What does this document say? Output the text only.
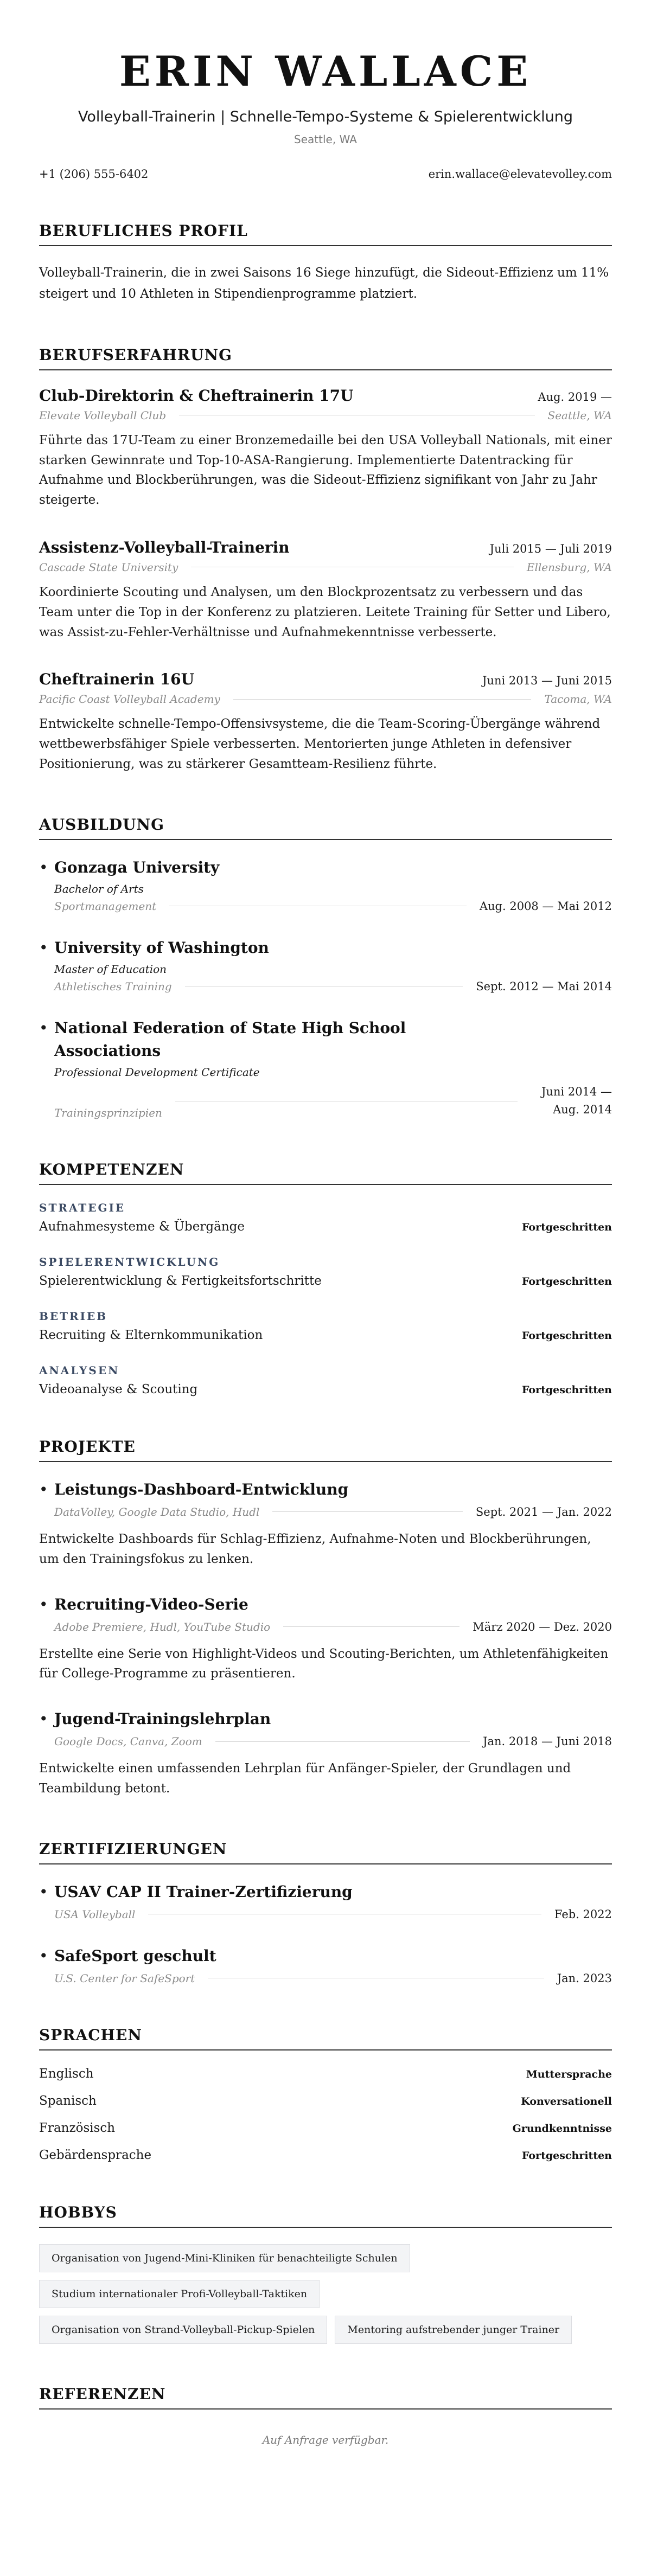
ERIN WALLACE
Volleyball-Trainerin | Schnelle-Tempo-Systeme & Spielerentwicklung
Seattle, WA
+1 (206) 555-6402	erin.wallace@elevatevolley.com
BERUFLICHES PROFIL

Volleyball-Trainerin, die in zwei Saisons 16 Siege hinzufügt, die Sideout-Effizienz um 11% steigert und 10 Athleten in Stipendienprogramme platziert.

BERUFSERFAHRUNG
Club-Direktorin & Cheftrainerin 17U	Aug. 2019 —
Elevate Volleyball Club	Seattle, WA

Führte das 17U-Team zu einer Bronzemedaille bei den USA Volleyball Nationals, mit einer starken Gewinnrate und Top-10-ASA-Rangierung. Implementierte Datentracking für Aufnahme und Blockberührungen, was die Sideout-Effizienz signifikant von Jahr zu Jahr steigerte.

Assistenz-Volleyball-Trainerin	Juli 2015 — Juli 2019
Cascade State University	Ellensburg, WA

Koordinierte Scouting und Analysen, um den Blockprozentsatz zu verbessern und das Team unter die Top in der Konferenz zu platzieren. Leitete Training für Setter und Libero, was Assist-zu-Fehler-Verhältnisse und Aufnahmekenntnisse verbesserte.

Cheftrainerin 16U	Juni 2013 — Juni 2015
Pacific Coast Volleyball Academy	Tacoma, WA

Entwickelte schnelle-Tempo-Offensivsysteme, die die Team-Scoring-Übergänge während wettbewerbsfähiger Spiele verbesserten. Mentorierten junge Athleten in defensiver Positionierung, was zu stärkerer Gesamtteam-Resilienz führte.

AUSBILDUNG
• Gonzaga University
Bachelor of Arts
Sportmanagement	Aug. 2008 — Mai 2012
• University of Washington
Master of Education
Athletisches Training	Sept. 2012 — Mai 2014
• National Federation of State High School Associations
Professional Development Certificate
Trainingsprinzipien
Juni 2014 — Aug. 2014
KOMPETENZEN
STRATEGIE
Aufnahmesysteme & Übergänge	Fortgeschritten
SPIELERENTWICKLUNG
Spielerentwicklung & Fertigkeitsfortschritte	Fortgeschritten
BETRIEB
Recruiting & Elternkommunikation	Fortgeschritten
ANALYSEN
Videoanalyse & Scouting	Fortgeschritten
PROJEKTE
• Leistungs-Dashboard-Entwicklung
DataVolley, Google Data Studio, Hudl	Sept. 2021 — Jan. 2022

Entwickelte Dashboards für Schlag-Effizienz, Aufnahme-Noten und Blockberührungen, um den Trainingsfokus zu lenken.

• Recruiting-Video-Serie
Adobe Premiere, Hudl, YouTube Studio	März 2020 — Dez. 2020

Erstellte eine Serie von Highlight-Videos und Scouting-Berichten, um Athletenfähigkeiten für College-Programme zu präsentieren.

• Jugend-Trainingslehrplan
Google Docs, Canva, Zoom	Jan. 2018 — Juni 2018

Entwickelte einen umfassenden Lehrplan für Anfänger-Spieler, der Grundlagen und Teambildung betont.

ZERTIFIZIERUNGEN
• USAV CAP II Trainer-Zertifizierung
USA Volleyball	Feb. 2022
• SafeSport geschult
U.S. Center for SafeSport	Jan. 2023
SPRACHEN
Englisch	Muttersprache
Spanisch	Konversationell
Französisch	Grundkenntnisse
Gebärdensprache	Fortgeschritten
HOBBYS
Organisation von Jugend-Mini-Kliniken für benachteiligte Schulen
Studium internationaler Profi-Volleyball-Taktiken
Organisation von Strand-Volleyball-Pickup-Spielen	Mentoring aufstrebender junger Trainer
REFERENZEN

Auf Anfrage verfügbar.
